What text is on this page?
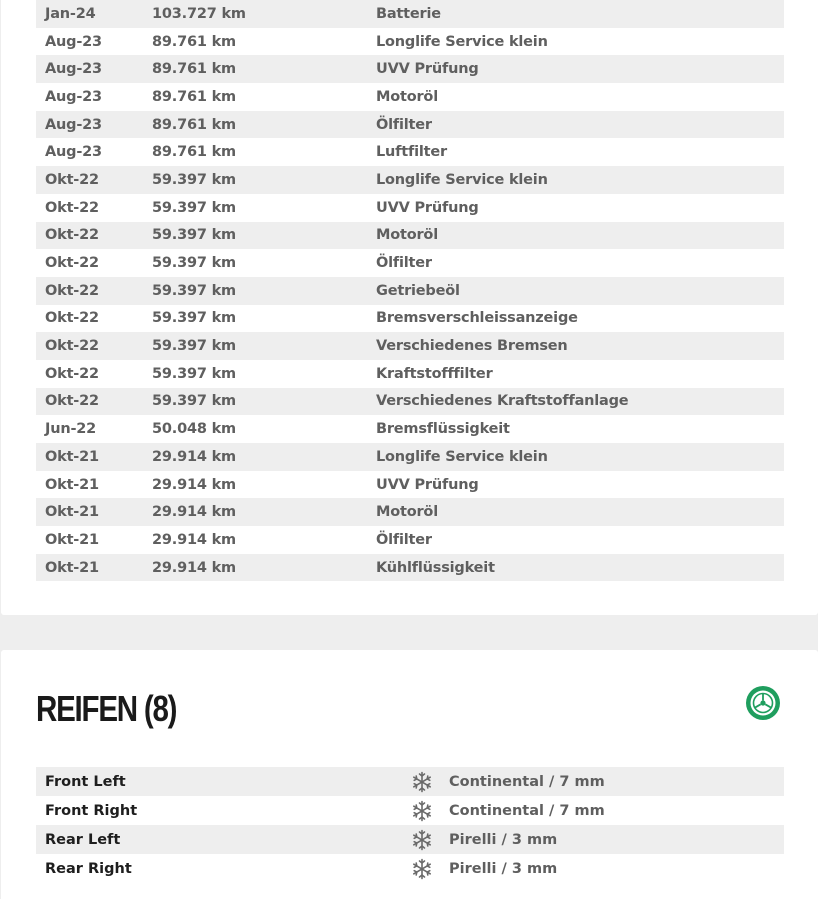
Jan-24	103.727 km	Batterie
Aug-23	89.761 km	Longlife Service klein
Aug-23	89.761 km	UVV Prüfung
Aug-23	89.761 km	Motoröl
Aug-23	89.761 km	Ölfilter
Aug-23	89.761 km	Luftfilter
Okt-22	59.397 km	Longlife Service klein
Okt-22	59.397 km	UVV Prüfung
Okt-22	59.397 km	Motoröl
Okt-22	59.397 km	Ölfilter
Okt-22	59.397 km	Getriebeöl
Okt-22	59.397 km	Bremsverschleissanzeige
Okt-22	59.397 km	Verschiedenes Bremsen
Okt-22	59.397 km	Kraftstofffilter
Okt-22	59.397 km	Verschiedenes Kraftstoffanlage
Jun-22	50.048 km	Bremsflüssigkeit
Okt-21	29.914 km	Longlife Service klein
Okt-21	29.914 km	UVV Prüfung
Okt-21	29.914 km	Motoröl
Okt-21	29.914 km	Ölfilter
Okt-21	29.914 km	Kühlflüssigkeit
REIFEN (8)
Front Left	Continental / 7 mm
Front Right	Continental / 7 mm
Rear Left	Pirelli / 3 mm
Rear Right	Pirelli / 3 mm
